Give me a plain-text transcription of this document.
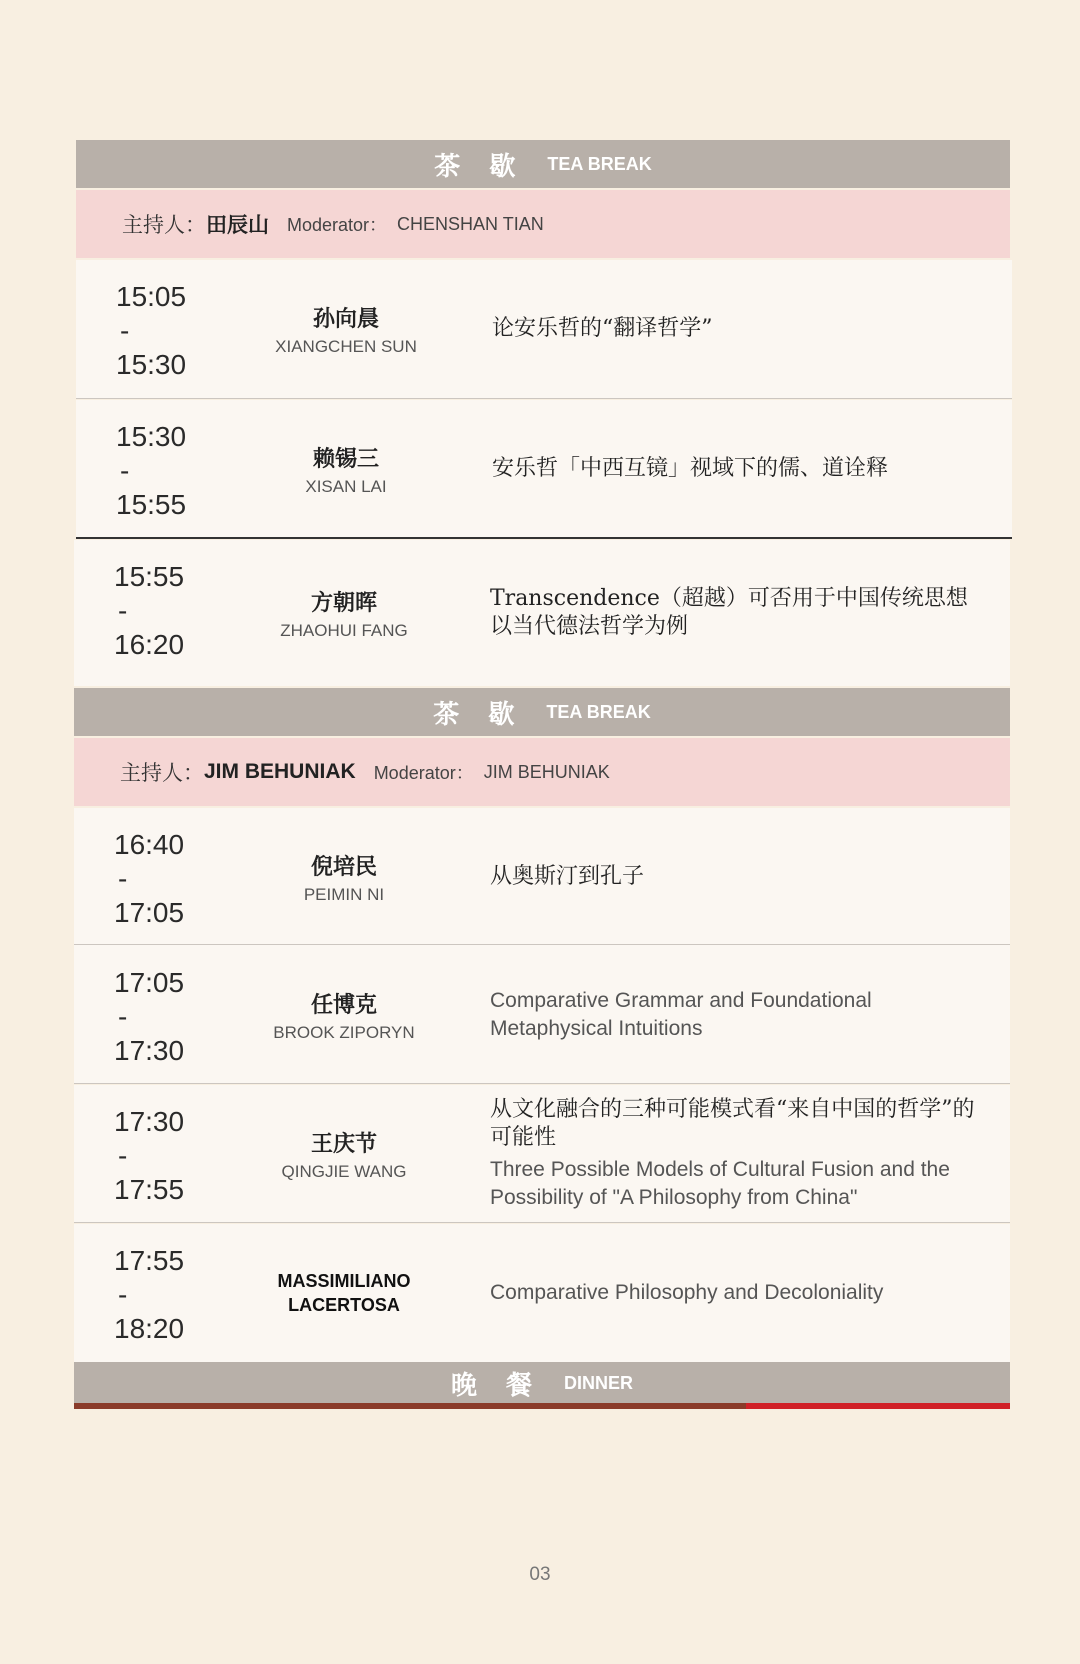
茶 歇 TEA BREAK
主持人： 田辰山 Moderator： CHENSHAN TIAN
15:05
-
15:30
孙向晨
XIANGCHEN SUN
论安乐哲的“翻译哲学”
15:30
-
15:55
赖锡三
XISAN LAI
安乐哲「中西互镜」视域下的儒、道诠释
15:55
-
16:20
方朝晖
ZHAOHUI FANG
Transcendence（超越）可否用于中国传统思想
以当代德法哲学为例
茶 歇 TEA BREAK
主持人： JIM BEHUNIAK Moderator： JIM BEHUNIAK
16:40
-
17:05
倪培民
PEIMIN NI
从奥斯汀到孔子
17:05
-
17:30
任博克
BROOK ZIPORYN
Comparative Grammar and Foundational Metaphysical Intuitions
17:30
-
17:55
王庆节
QINGJIE WANG
从文化融合的三种可能模式看“来自中国的哲学”的可能性
Three Possible Models of Cultural Fusion and the Possibility of "A Philosophy from China"
17:55
-
18:20
MASSIMILIANO LACERTOSA
Comparative Philosophy and Decoloniality
晚 餐 DINNER
03
